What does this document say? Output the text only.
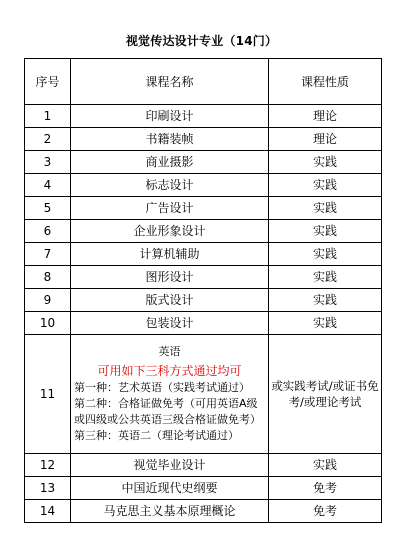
视觉传达设计专业（14门）
序号	课程名称	课程性质
1	印刷设计	理论
2	书籍装帧	理论
3	商业摄影	实践
4	标志设计	实践
5	广告设计	实践
6	企业形象设计	实践
7	计算机辅助	实践
8	图形设计	实践
9	版式设计	实践
10	包装设计	实践
11	英语
可用如下三科方式通过均可
第一种：艺术英语（实践考试通过）
第二种：合格证做免考（可用英语A级或四级或公共英语三级合格证做免考）第三种：英语二（理论考试通过）	或实践考试/或证书免考/或理论考试
12	视觉毕业设计	实践
13	中国近现代史纲要	免考
14	马克思主义基本原理概论	免考
